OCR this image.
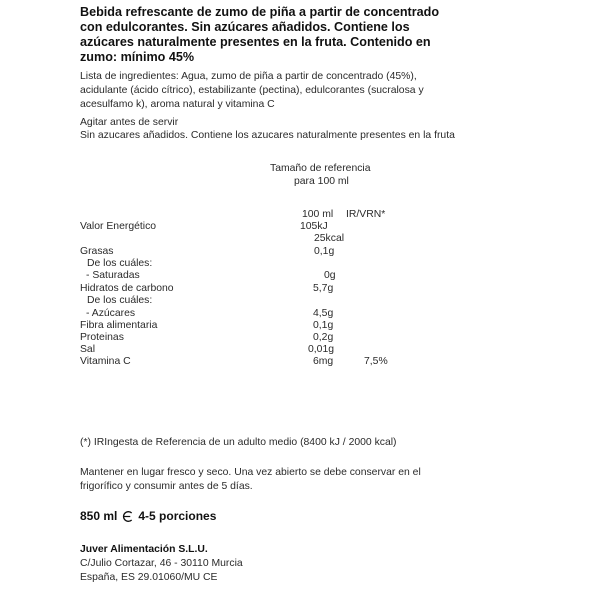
Bebida refrescante de zumo de piña a partir de concentrado
con edulcorantes. Sin azúcares añadidos. Contiene los
azúcares naturalmente presentes en la fruta. Contenido en
zumo: mínimo 45%
Lista de ingredientes: Agua, zumo de piña a partir de concentrado (45%),
acidulante (ácido cítrico), estabilizante (pectina), edulcorantes (sucralosa y
acesulfamo k), aroma natural y vitamina C
Agitar antes de servir
Sin azucares añadidos. Contiene los azucares naturalmente presentes en la fruta
Tamaño de referencia
para 100 ml
100 ml IR/VRN*
Valor Energético	105kJ
25kcal
Grasas	0,1g
De los cuáles:
- Saturadas	0g
Hidratos de carbono	5,7g
De los cuáles:
- Azúcares	4,5g
Fibra alimentaria	0,1g
Proteinas	0,2g
Sal	0,01g
Vitamina C	6mg	7,5%
(*) IRIngesta de Referencia de un adulto medio (8400 kJ / 2000 kcal)
Mantener en lugar fresco y seco. Una vez abierto se debe conservar en el
frigorífico y consumir antes de 5 días.
850 ml 4-5 porciones
Juver Alimentación S.L.U.
C/Julio Cortazar, 46 - 30110 Murcia
España, ES 29.01060/MU CE
